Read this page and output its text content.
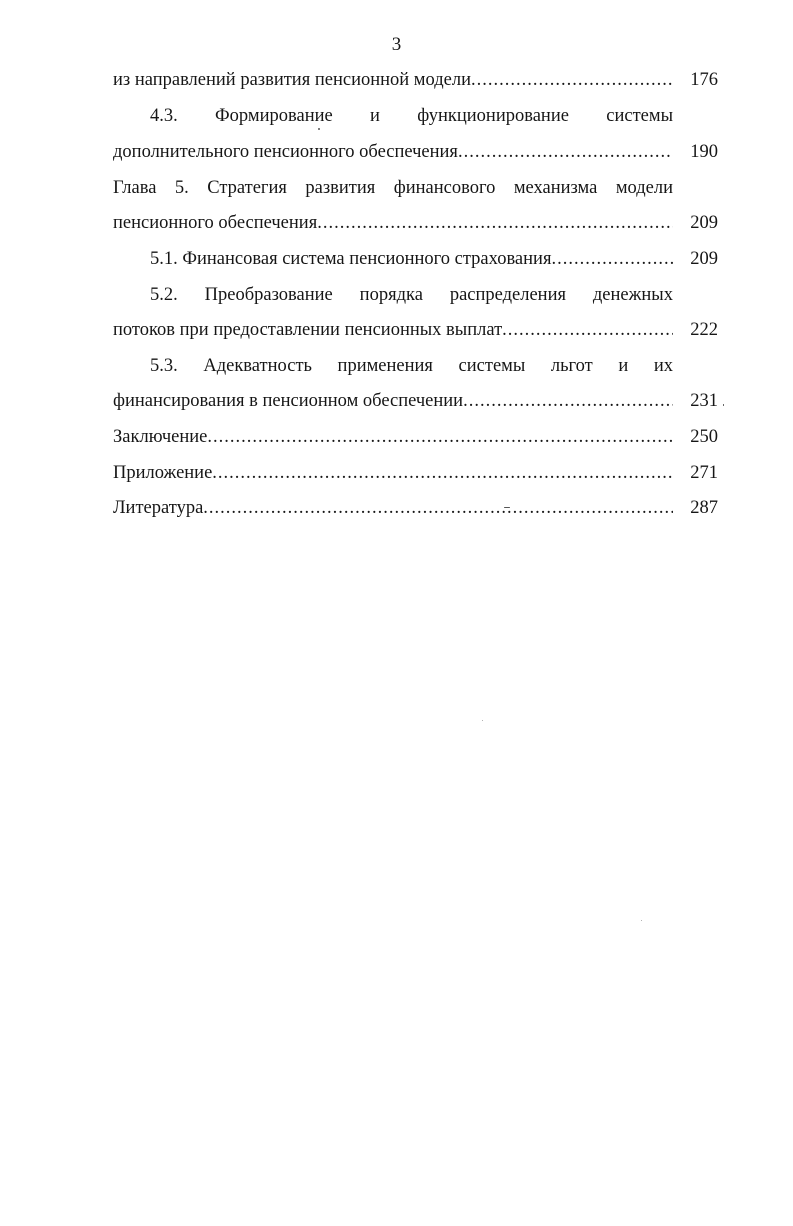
3
из направлений развития пенсионной модели .....	176
4.3. Формирование и функционирование системы
дополнительного пенсионного обеспечения .....	190
Глава 5. Стратегия развития финансового механизма модели
пенсионного обеспечения .....	209
5.1. Финансовая система пенсионного страхования .....	209
5.2. Преобразование порядка распределения денежных
потоков при предоставлении пенсионных выплат .....	222
5.3. Адекватность применения системы льгот и их
финансирования в пенсионном обеспечении .....	231
Заключение .....	250
Приложение .....	271
Литература .....	287
